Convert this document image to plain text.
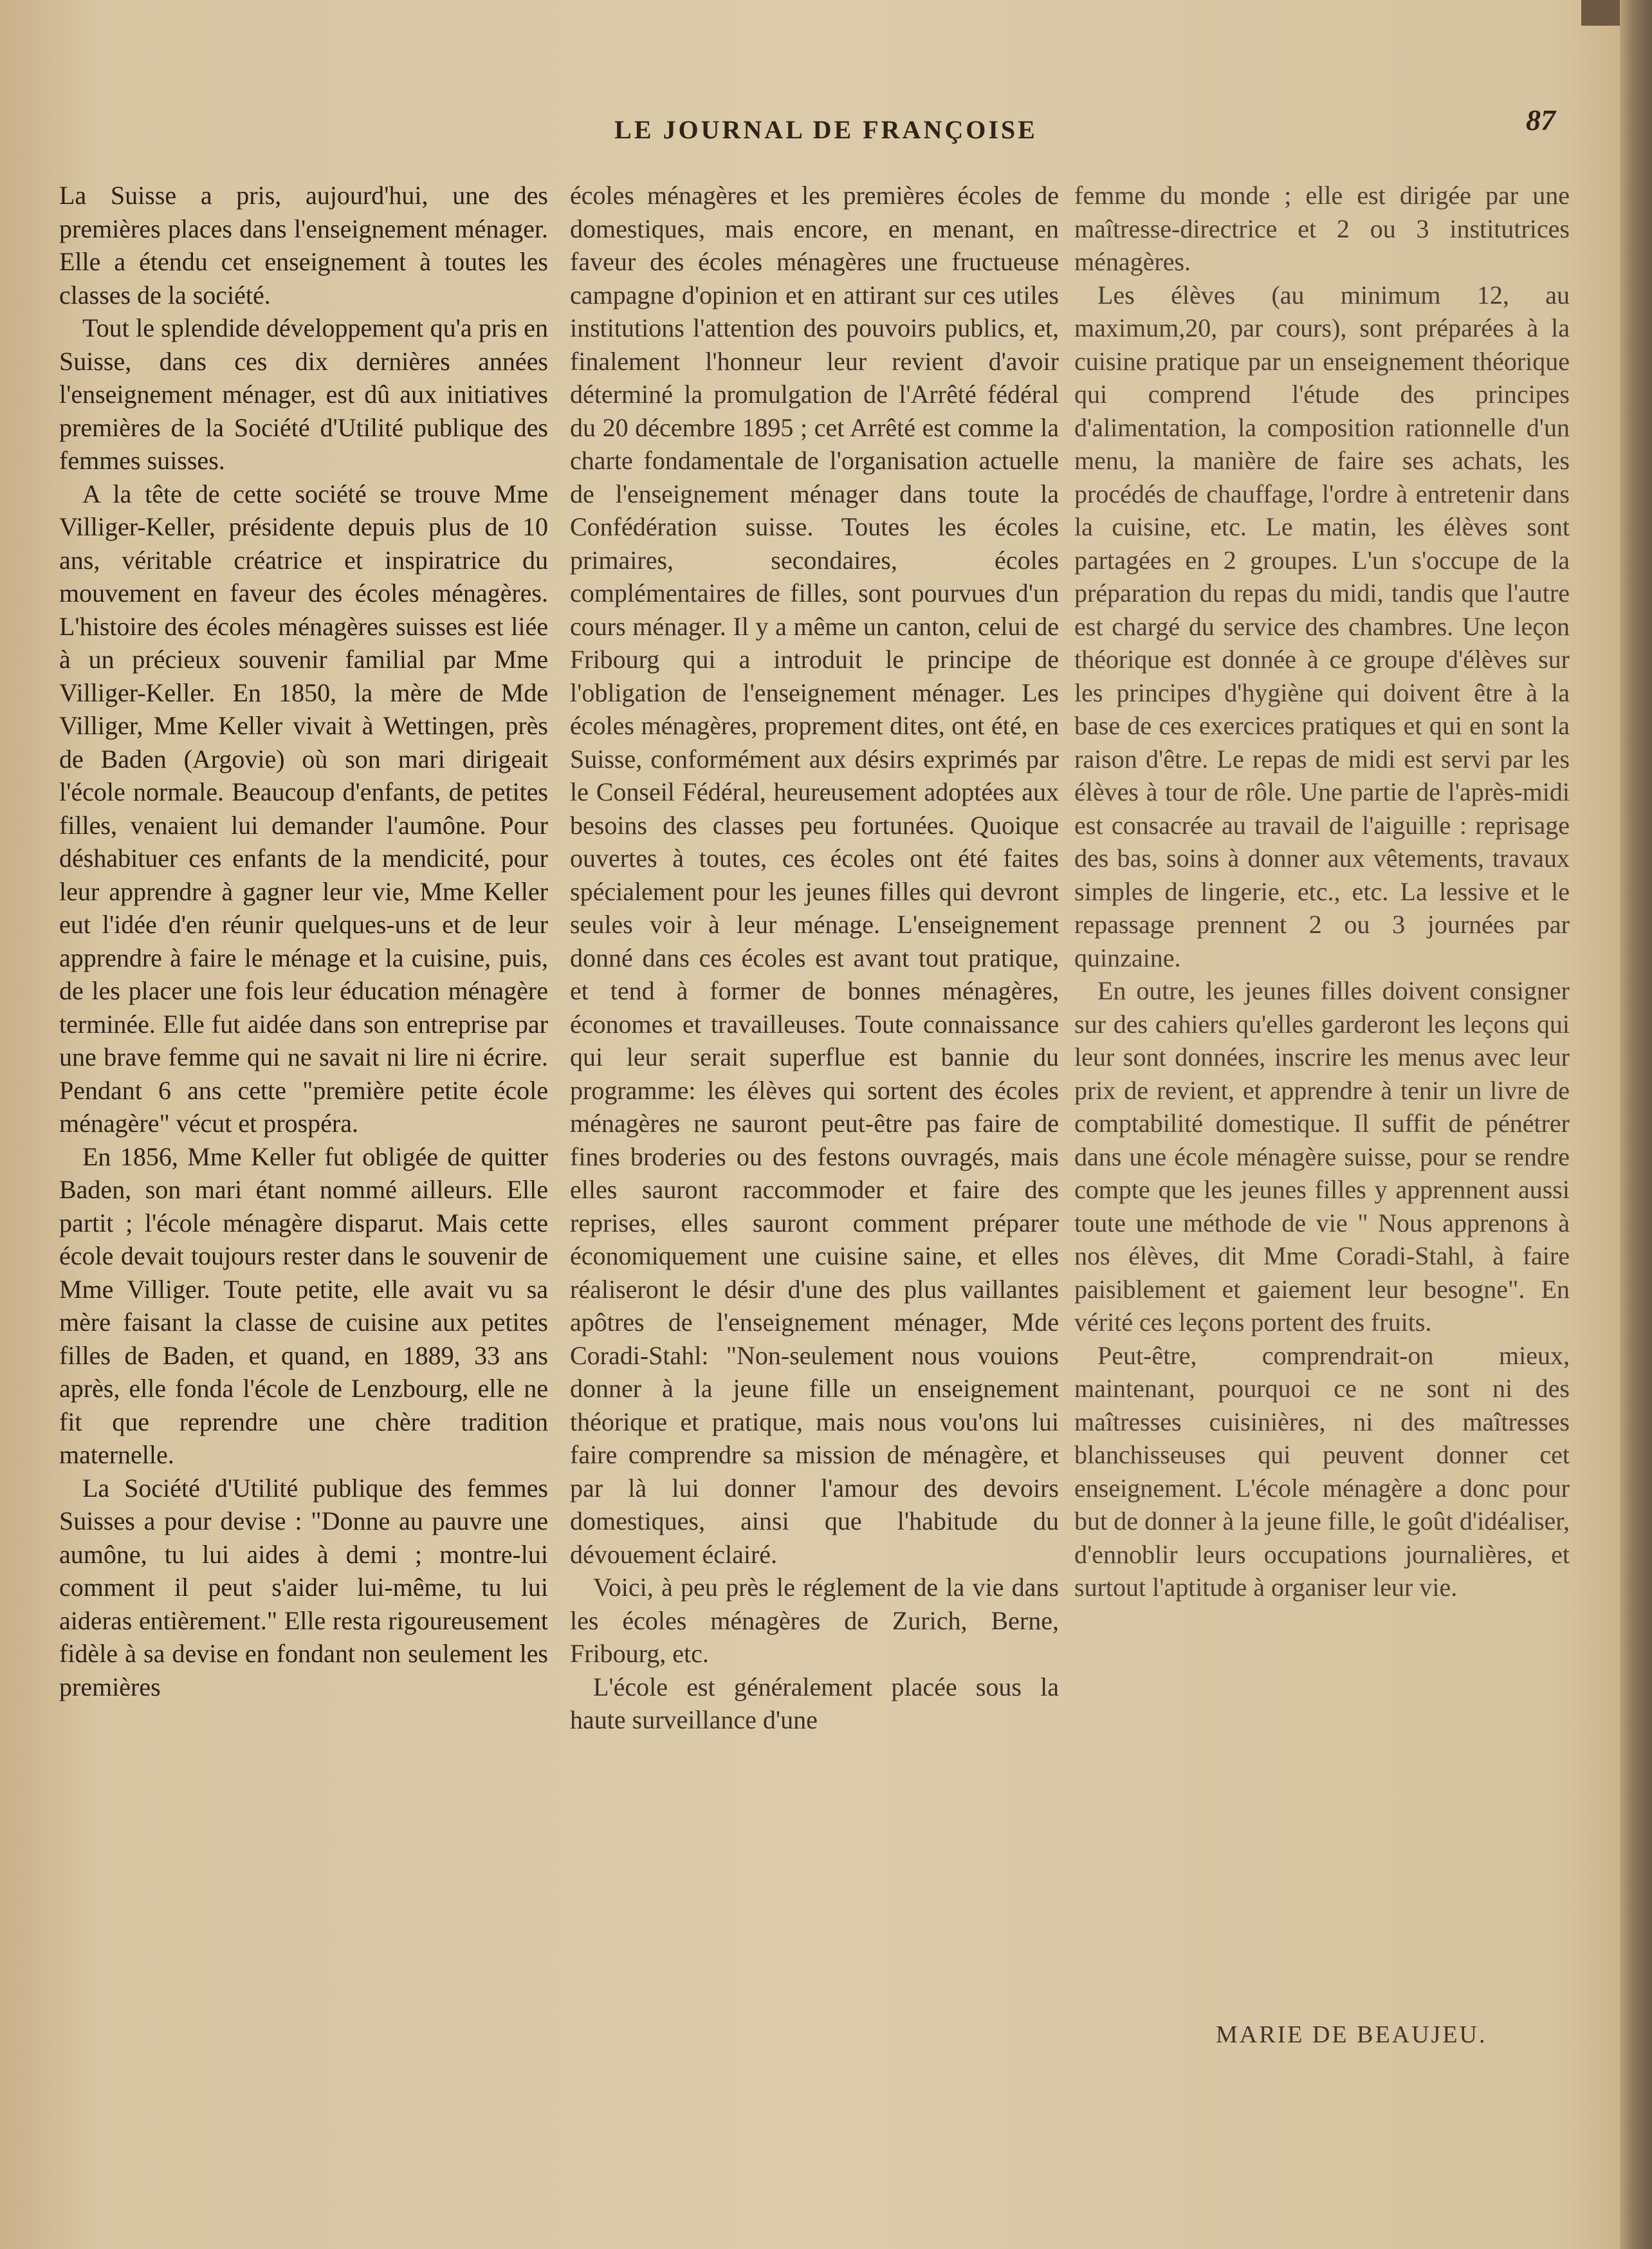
LE JOURNAL DE FRANÇOISE	87

La Suisse a pris, aujourd'hui, une des premières places dans l'enseignement ménager. Elle a étendu cet enseignement à toutes les classes de la société.

Tout le splendide développement qu'a pris en Suisse, dans ces dix dernières années l'enseignement ménager, est dû aux initiatives premières de la Société d'Utilité publique des femmes suisses.

A la tête de cette société se trouve Mme Villiger-Keller, présidente depuis plus de 10 ans, véritable créatrice et inspiratrice du mouvement en faveur des écoles ménagères. L'histoire des écoles ménagères suisses est liée à un précieux souvenir familial par Mme Villiger-Keller. En 1850, la mère de Mde Villiger, Mme Keller vivait à Wettingen, près de Baden (Argovie) où son mari dirigeait l'école normale. Beaucoup d'enfants, de petites filles, venaient lui demander l'aumône. Pour déshabituer ces enfants de la mendicité, pour leur apprendre à gagner leur vie, Mme Keller eut l'idée d'en réunir quelques-uns et de leur apprendre à faire le ménage et la cuisine, puis, de les placer une fois leur éducation ménagère terminée. Elle fut aidée dans son entreprise par une brave femme qui ne savait ni lire ni écrire. Pendant 6 ans cette "première petite école ménagère" vécut et prospéra.

En 1856, Mme Keller fut obligée de quitter Baden, son mari étant nommé ailleurs. Elle partit ; l'école ménagère disparut. Mais cette école devait toujours rester dans le souvenir de Mme Villiger. Toute petite, elle avait vu sa mère faisant la classe de cuisine aux petites filles de Baden, et quand, en 1889, 33 ans après, elle fonda l'école de Lenzbourg, elle ne fit que reprendre une chère tradition maternelle.

La Société d'Utilité publique des femmes Suisses a pour devise : "Donne au pauvre une aumône, tu lui aides à demi ; montre-lui comment il peut s'aider lui-même, tu lui aideras entièrement." Elle resta rigoureusement fidèle à sa devise en fondant non seulement les premières

écoles ménagères et les premières écoles de domestiques, mais encore, en menant, en faveur des écoles ménagères une fructueuse campagne d'opinion et en attirant sur ces utiles institutions l'attention des pouvoirs publics, et, finalement l'honneur leur revient d'avoir déterminé la promulgation de l'Arrêté fédéral du 20 décembre 1895 ; cet Arrêté est comme la charte fondamentale de l'organisation actuelle de l'enseignement ménager dans toute la Confédération suisse. Toutes les écoles primaires, secondaires, écoles complémentaires de filles, sont pourvues d'un cours ménager. Il y a même un canton, celui de Fribourg qui a introduit le principe de l'obligation de l'enseignement ménager. Les écoles ménagères, proprement dites, ont été, en Suisse, conformément aux désirs exprimés par le Conseil Fédéral, heureusement adoptées aux besoins des classes peu fortunées. Quoique ouvertes à toutes, ces écoles ont été faites spécialement pour les jeunes filles qui devront seules voir à leur ménage. L'enseignement donné dans ces écoles est avant tout pratique, et tend à former de bonnes ménagères, économes et travailleuses. Toute connaissance qui leur serait superflue est bannie du programme: les élèves qui sortent des écoles ménagères ne sauront peut-être pas faire de fines broderies ou des festons ouvragés, mais elles sauront raccommoder et faire des reprises, elles sauront comment préparer économiquement une cuisine saine, et elles réaliseront le désir d'une des plus vaillantes apôtres de l'enseignement ménager, Mde Coradi-Stahl: "Non-seulement nous vouions donner à la jeune fille un enseignement théorique et pratique, mais nous vou'ons lui faire comprendre sa mission de ménagère, et par là lui donner l'amour des devoirs domestiques, ainsi que l'habitude du dévouement éclairé.

Voici, à peu près le réglement de la vie dans les écoles ménagères de Zurich, Berne, Fribourg, etc.

L'école est généralement placée sous la haute surveillance d'une

femme du monde ; elle est dirigée par une maîtresse-directrice et 2 ou 3 institutrices ménagères.

Les élèves (au minimum 12, au maximum,20, par cours), sont préparées à la cuisine pratique par un enseignement théorique qui comprend l'étude des principes d'alimentation, la composition rationnelle d'un menu, la manière de faire ses achats, les procédés de chauffage, l'ordre à entretenir dans la cuisine, etc. Le matin, les élèves sont partagées en 2 groupes. L'un s'occupe de la préparation du repas du midi, tandis que l'autre est chargé du service des chambres. Une leçon théorique est donnée à ce groupe d'élèves sur les principes d'hygiène qui doivent être à la base de ces exercices pratiques et qui en sont la raison d'être. Le repas de midi est servi par les élèves à tour de rôle. Une partie de l'après-midi est consacrée au travail de l'aiguille : reprisage des bas, soins à donner aux vêtements, travaux simples de lingerie, etc., etc. La lessive et le repassage prennent 2 ou 3 journées par quinzaine.

En outre, les jeunes filles doivent consigner sur des cahiers qu'elles garderont les leçons qui leur sont données, inscrire les menus avec leur prix de revient, et apprendre à tenir un livre de comptabilité domestique. Il suffit de pénétrer dans une école ménagère suisse, pour se rendre compte que les jeunes filles y apprennent aussi toute une méthode de vie " Nous apprenons à nos élèves, dit Mme Coradi-Stahl, à faire paisiblement et gaiement leur besogne". En vérité ces leçons portent des fruits.

Peut-être, comprendrait-on mieux, maintenant, pourquoi ce ne sont ni des maîtresses cuisinières, ni des maîtresses blanchisseuses qui peuvent donner cet enseignement. L'école ménagère a donc pour but de donner à la jeune fille, le goût d'idéaliser, d'ennoblir leurs occupations journalières, et surtout l'aptitude à organiser leur vie.

MARIE DE BEAUJEU.
